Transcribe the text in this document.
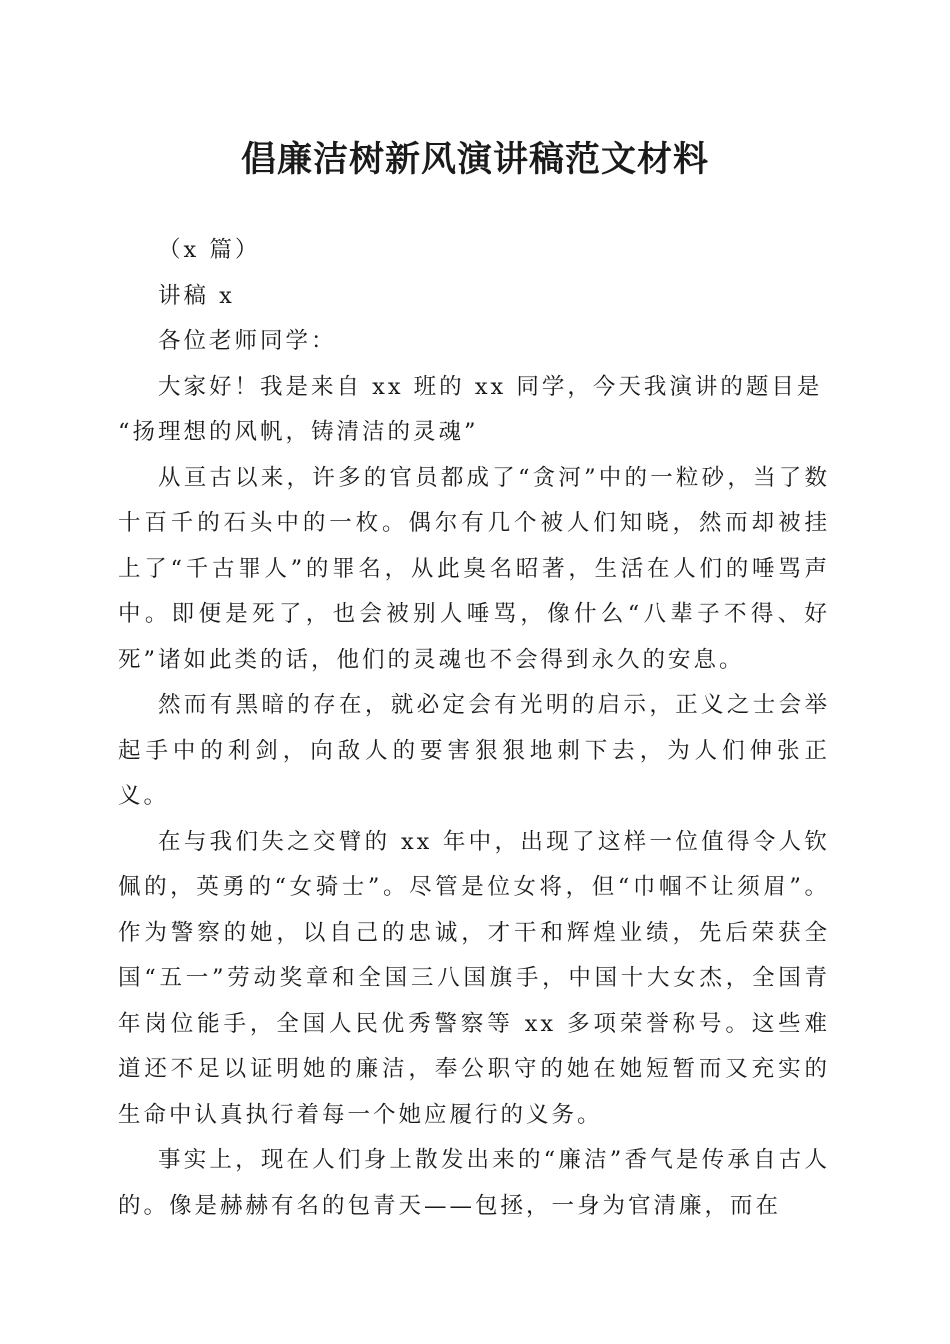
倡廉洁树新风演讲稿范文材料

（x 篇）

讲稿 x

各位老师同学：

大家好！我是来自 xx 班的 xx 同学，今天我演讲的题目是

“扬理想的风帆，铸清洁的灵魂”

从亘古以来，许多的官员都成了“贪河”中的一粒砂，当了数十百千的石头中的一枚。偶尔有几个被人们知晓，然而却被挂上了“千古罪人”的罪名，从此臭名昭著，生活在人们的唾骂声中。即便是死了，也会被别人唾骂，像什么“八辈子不得、好死”诸如此类的话，他们的灵魂也不会得到永久的安息。

然而有黑暗的存在，就必定会有光明的启示，正义之士会举起手中的利剑，向敌人的要害狠狠地刺下去，为人们伸张正义。

在与我们失之交臂的 xx 年中，出现了这样一位值得令人钦佩的，英勇的“女骑士”。尽管是位女将，但“巾帼不让须眉”。作为警察的她，以自己的忠诚，才干和辉煌业绩，先后荣获全国“五一”劳动奖章和全国三八国旗手，中国十大女杰，全国青年岗位能手，全国人民优秀警察等 xx 多项荣誉称号。这些难道还不足以证明她的廉洁，奉公职守的她在她短暂而又充实的生命中认真执行着每一个她应履行的义务。

事实上，现在人们身上散发出来的“廉洁”香气是传承自古人的。像是赫赫有名的包青天——包拯，一身为官清廉，而在
